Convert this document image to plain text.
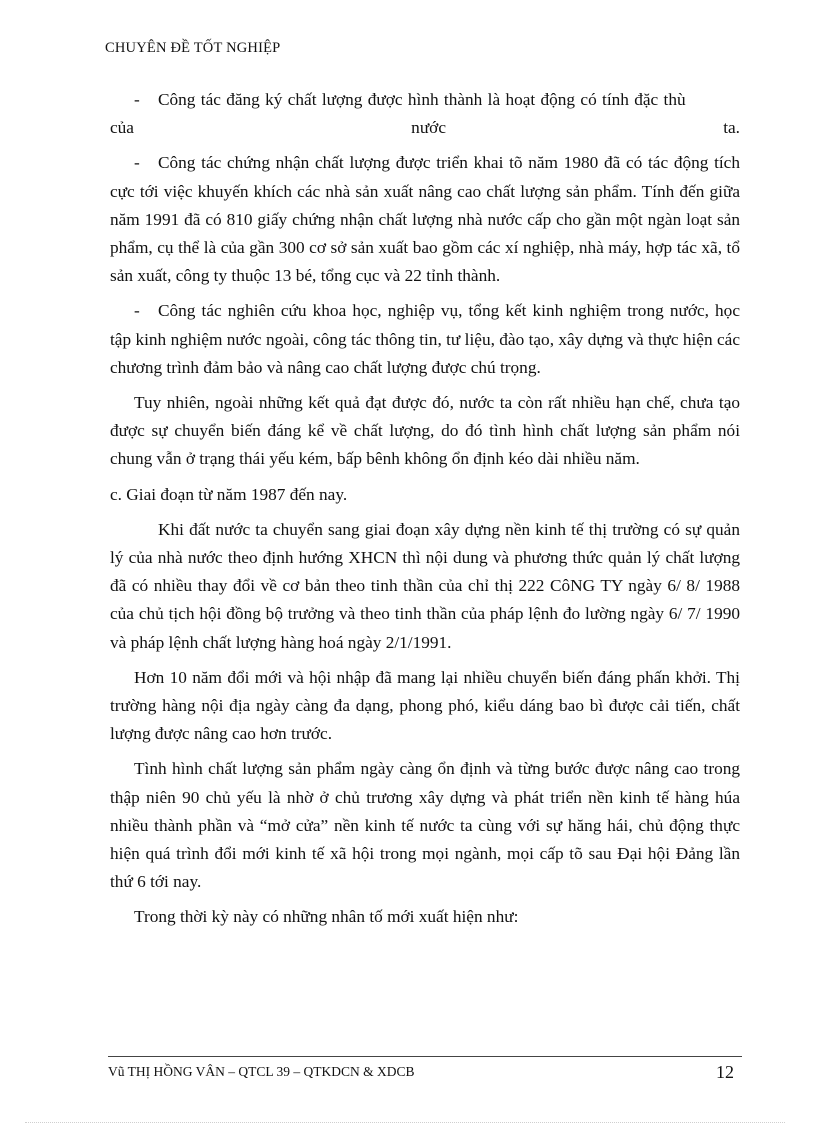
CHUYÊN ĐỀ TỐT NGHIỆP

- Công tác đăng ký chất lượng được hình thành là hoạt động có tính đặc thù

của	nước	ta.

- Công tác chứng nhận chất lượng được triển khai tõ năm 1980 đã có tác động tích cực tới việc khuyến khích các nhà sản xuất nâng cao chất lượng sản phẩm. Tính đến giữa năm 1991 đã có 810 giấy chứng nhận chất lượng nhà nước cấp cho gần một ngàn loạt sản phẩm, cụ thể là của gần 300 cơ sở sản xuất bao gồm các xí nghiệp, nhà máy, hợp tác xã, tổ sản xuất, công ty thuộc 13 bé, tổng cục và 22 tỉnh thành.

- Công tác nghiên cứu khoa học, nghiệp vụ, tổng kết kinh nghiệm trong nước, học tập kinh nghiệm nước ngoài, công tác thông tin, tư liệu, đào tạo, xây dựng và thực hiện các chương trình đảm bảo và nâng cao chất lượng được chú trọng.

Tuy nhiên, ngoài những kết quả đạt được đó, nước ta còn rất nhiều hạn chế, chưa tạo được sự chuyển biến đáng kể về chất lượng, do đó tình hình chất lượng sản phẩm nói chung vẫn ở trạng thái yếu kém, bấp bênh không ổn định kéo dài nhiều năm.

c. Giai đoạn từ năm 1987 đến nay.

Khi đất nước ta chuyển sang giai đoạn xây dựng nền kinh tế thị trường có sự quản lý của nhà nước theo định hướng XHCN thì nội dung và phương thức quản lý chất lượng đã có nhiều thay đổi về cơ bản theo tinh thần của chỉ thị 222 CôNG TY ngày 6/ 8/ 1988 của chủ tịch hội đồng bộ trưởng và theo tinh thần của pháp lệnh đo lường ngày 6/ 7/ 1990 và pháp lệnh chất lượng hàng hoá ngày 2/1/1991.

Hơn 10 năm đổi mới và hội nhập đã mang lại nhiều chuyển biến đáng phấn khởi. Thị trường hàng nội địa ngày càng đa dạng, phong phó, kiểu dáng bao bì được cải tiến, chất lượng được nâng cao hơn trước.

Tình hình chất lượng sản phẩm ngày càng ổn định và từng bước được nâng cao trong thập niên 90 chủ yếu là nhờ ở chủ trương xây dựng và phát triển nền kinh tế hàng húa nhiều thành phần và “mở cửa” nền kinh tế nước ta cùng với sự hăng hái, chủ động thực hiện quá trình đổi mới kinh tế xã hội trong mọi ngành, mọi cấp tõ sau Đại hội Đảng lần thứ 6 tới nay.

Trong thời kỳ này có những nhân tố mới xuất hiện như:

Vũ THỊ HỒNG VÂN – QTCL 39 – QTKDCN & XDCB	12
